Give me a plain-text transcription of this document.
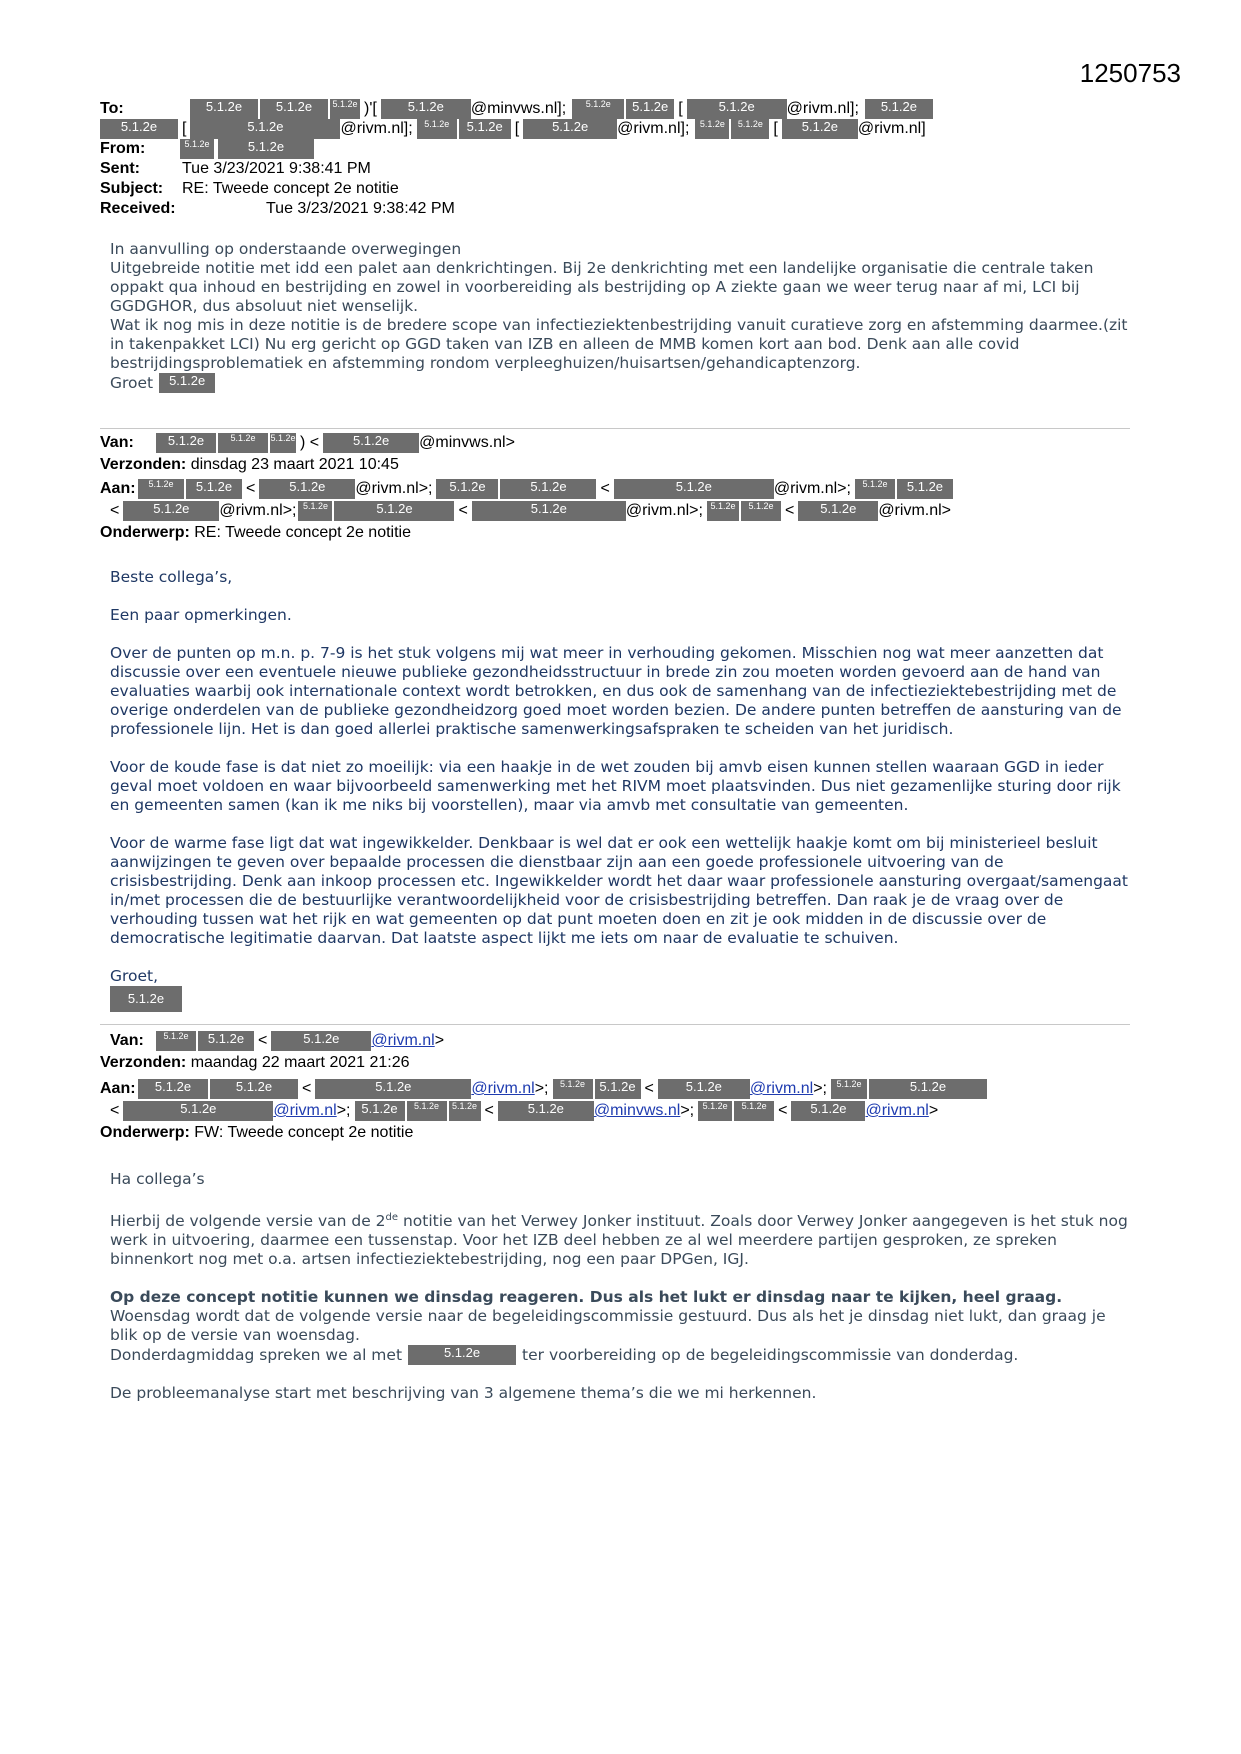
1250753
To:	5.1.2e	5.1.2e	5.1.2e )'[	5.1.2e	@minvws.nl];	5.1.2e	5.1.2e [	5.1.2e	@rivm.nl];	5.1.2e
5.1.2e	[	5.1.2e	@rivm.nl];	5.1.2e	5.1.2e [	5.1.2e	@rivm.nl];	5.1.2e	5.1.2e [	5.1.2e	@rivm.nl]
From:	5.1.2e	5.1.2e
Sent:	Tue 3/23/2021 9:38:41 PM
Subject:	RE: Tweede concept 2e notitie
Received:	Tue 3/23/2021 9:38:42 PM
In aanvulling op onderstaande overwegingen
Uitgebreide notitie met idd een palet aan denkrichtingen. Bij 2e denkrichting met een landelijke organisatie die centrale taken oppakt qua inhoud en bestrijding en zowel in voorbereiding als bestrijding op A ziekte gaan we weer terug naar af mi, LCI bij GGDGHOR, dus absoluut niet wenselijk.
Wat ik nog mis in deze notitie is de bredere scope van infectieziektenbestrijding vanuit curatieve zorg en afstemming daarmee.(zit in takenpakket LCI) Nu erg gericht op GGD taken van IZB en alleen de MMB komen kort aan bod. Denk aan alle covid bestrijdingsproblematiek en afstemming rondom verpleeghuizen/huisartsen/gehandicaptenzorg.
Groet	5.1.2e
Van:	5.1.2e	5.1.2e	5.1.2e ) <	5.1.2e	@minvws.nl>
Verzonden: dinsdag 23 maart 2021 10:45
Aan:	5.1.2e	5.1.2e <	5.1.2e	@rivm.nl>;	5.1.2e	5.1.2e	<	5.1.2e	@rivm.nl>;	5.1.2e	5.1.2e
<	5.1.2e	@rivm.nl>; 5.1.2e	5.1.2e	<	5.1.2e	@rivm.nl>; 5.1.2e	5.1.2e <	5.1.2e	@rivm.nl>
Onderwerp: RE: Tweede concept 2e notitie
Beste collega’s,
Een paar opmerkingen.
Over de punten op m.n. p. 7-9 is het stuk volgens mij wat meer in verhouding gekomen. Misschien nog wat meer aanzetten dat discussie over een eventuele nieuwe publieke gezondheidsstructuur in brede zin zou moeten worden gevoerd aan de hand van evaluaties waarbij ook internationale context wordt betrokken, en dus ook de samenhang van de infectieziektebestrijding met de overige onderdelen van de publieke gezondheidzorg goed moet worden bezien. De andere punten betreffen de aansturing van de professionele lijn. Het is dan goed allerlei praktische samenwerkingsafspraken te scheiden van het juridisch.
Voor de koude fase is dat niet zo moeilijk: via een haakje in de wet zouden bij amvb eisen kunnen stellen waaraan GGD in ieder geval moet voldoen en waar bijvoorbeeld samenwerking met het RIVM moet plaatsvinden. Dus niet gezamenlijke sturing door rijk en gemeenten samen (kan ik me niks bij voorstellen), maar via amvb met consultatie van gemeenten.
Voor de warme fase ligt dat wat ingewikkelder. Denkbaar is wel dat er ook een wettelijk haakje komt om bij ministerieel besluit aanwijzingen te geven over bepaalde processen die dienstbaar zijn aan een goede professionele uitvoering van de crisisbestrijding. Denk aan inkoop processen etc. Ingewikkelder wordt het daar waar professionele aansturing overgaat/samengaat in/met processen die de bestuurlijke verantwoordelijkheid voor de crisisbestrijding betreffen. Dan raak je de vraag over de verhouding tussen wat het rijk en wat gemeenten op dat punt moeten doen en zit je ook midden in de discussie over de democratische legitimatie daarvan. Dat laatste aspect lijkt me iets om naar de evaluatie te schuiven.
Groet,
5.1.2e
Van:	5.1.2e	5.1.2e <	5.1.2e	@rivm.nl >
Verzonden: maandag 22 maart 2021 21:26
Aan:	5.1.2e	5.1.2e	<	5.1.2e	@rivm.nl >;	5.1.2e	5.1.2e <	5.1.2e	@rivm.nl >;	5.1.2e	5.1.2e
<	5.1.2e	@rivm.nl >; 5.1.2e	5.1.2e	5.1.2e <	5.1.2e	@minvws.nl >; 5.1.2e	5.1.2e <	5.1.2e	@rivm.nl >
Onderwerp: FW: Tweede concept 2e notitie
Ha collega’s
Hierbij de volgende versie van de 2de notitie van het Verwey Jonker instituut. Zoals door Verwey Jonker aangegeven is het stuk nog werk in uitvoering, daarmee een tussenstap. Voor het IZB deel hebben ze al wel meerdere partijen gesproken, ze spreken binnenkort nog met o.a. artsen infectieziektebestrijding, nog een paar DPGen, IGJ.
Op deze concept notitie kunnen we dinsdag reageren. Dus als het lukt er dinsdag naar te kijken, heel graag.
Woensdag wordt dat de volgende versie naar de begeleidingscommissie gestuurd. Dus als het je dinsdag niet lukt, dan graag je blik op de versie van woensdag.
Donderdagmiddag spreken we al met	5.1.2e	ter voorbereiding op de begeleidingscommissie van donderdag.
De probleemanalyse start met beschrijving van 3 algemene thema’s die we mi herkennen.
